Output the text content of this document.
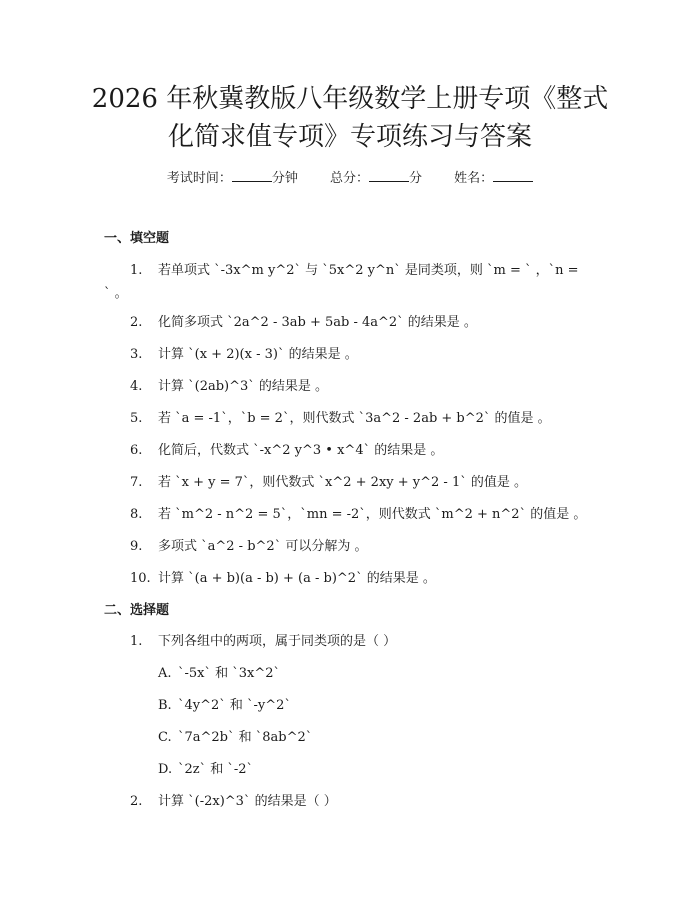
2026 年秋冀教版八年级数学上册专项《整式
化简求值专项》专项练习与答案
考试时间：	分钟 总分：	分 姓名：
一、填空题
1. 若单项式 `-3x^m y^2` 与 `5x^2 y^n` 是同类项，则 `m = ` ，`n =
` 。
2. 化简多项式 `2a^2 - 3ab + 5ab - 4a^2` 的结果是 。
3. 计算 `(x + 2)(x - 3)` 的结果是 。
4. 计算 `(2ab)^3` 的结果是 。
5. 若 `a = -1`，`b = 2`，则代数式 `3a^2 - 2ab + b^2` 的值是 。
6. 化简后，代数式 `-x^2 y^3 • x^4` 的结果是 。
7. 若 `x + y = 7`，则代数式 `x^2 + 2xy + y^2 - 1` 的值是 。
8. 若 `m^2 - n^2 = 5`，`mn = -2`，则代数式 `m^2 + n^2` 的值是 。
9. 多项式 `a^2 - b^2` 可以分解为 。
10. 计算 `(a + b)(a - b) + (a - b)^2` 的结果是 。
二、选择题
1. 下列各组中的两项，属于同类项的是（ ）
A. `-5x` 和 `3x^2`
B. `4y^2` 和 `-y^2`
C. `7a^2b` 和 `8ab^2`
D. `2z` 和 `-2`
2. 计算 `(-2x)^3` 的结果是（ ）
